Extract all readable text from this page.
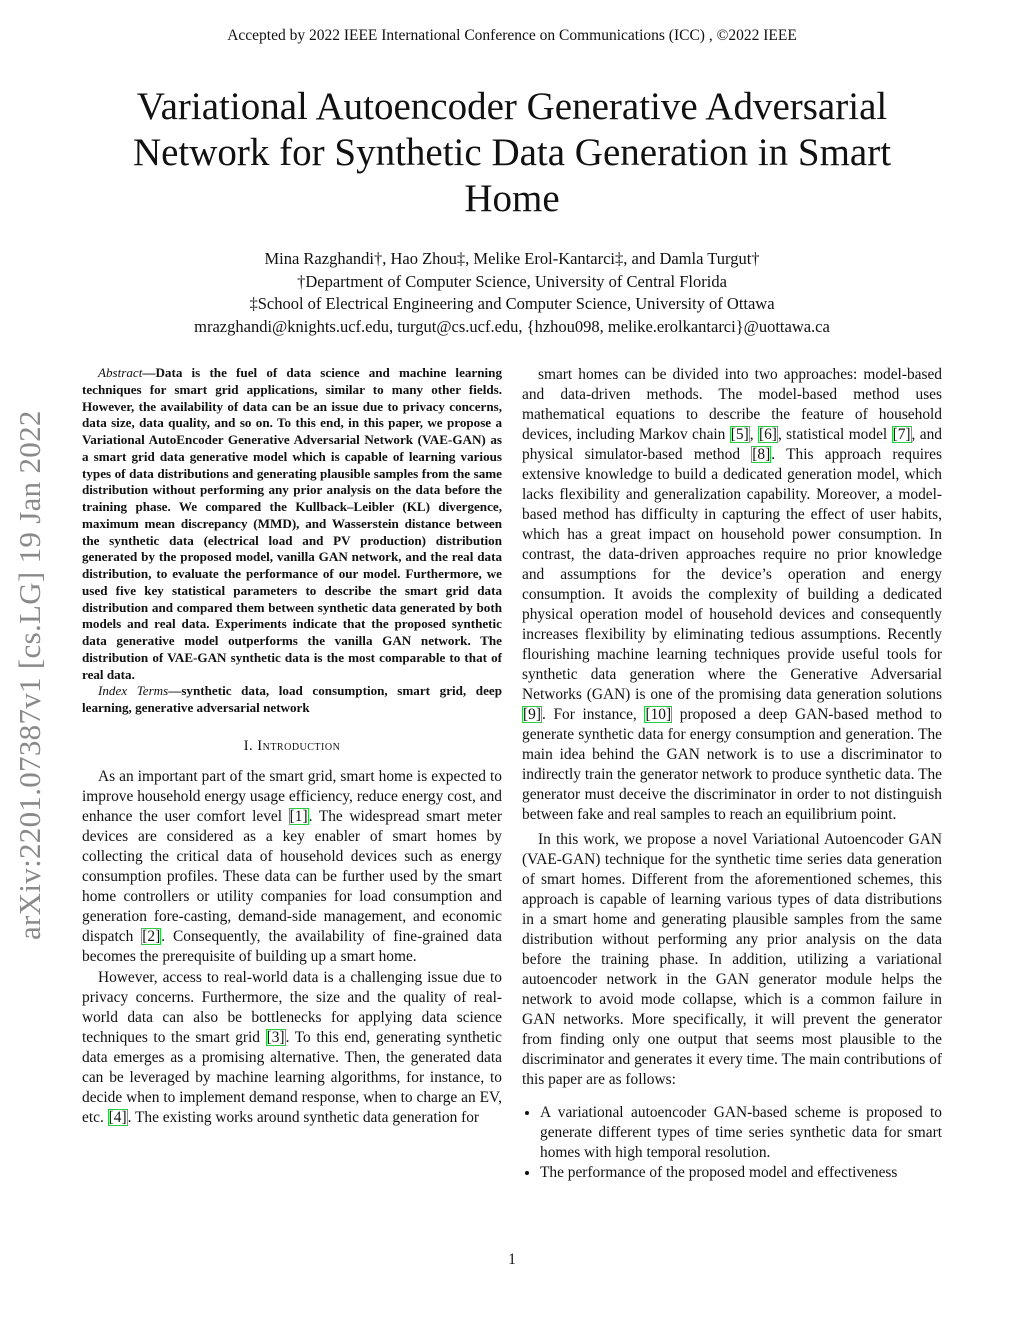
Accepted by 2022 IEEE International Conference on Communications (ICC) , ©2022 IEEE
Variational Autoencoder Generative Adversarial
Network for Synthetic Data Generation in Smart
Home
Mina Razghandi†, Hao Zhou‡, Melike Erol-Kantarci‡, and Damla Turgut†
†Department of Computer Science, University of Central Florida
‡School of Electrical Engineering and Computer Science, University of Ottawa
mrazghandi@knights.ucf.edu, turgut@cs.ucf.edu, {hzhou098, melike.erolkantarci}@uottawa.ca
arXiv:2201.07387v1 [cs.LG] 19 Jan 2022

Abstract—Data is the fuel of data science and machine learning techniques for smart grid applications, similar to many other fields. However, the availability of data can be an issue due to privacy concerns, data size, data quality, and so on. To this end, in this paper, we propose a Variational AutoEncoder Generative Adversarial Network (VAE-GAN) as a smart grid data generative model which is capable of learning various types of data distributions and generating plausible samples from the same distribution without performing any prior analysis on the data before the training phase. We compared the Kullback–Leibler (KL) divergence, maximum mean discrepancy (MMD), and Wasserstein distance between the synthetic data (electrical load and PV production) distribution generated by the proposed model, vanilla GAN network, and the real data distribution, to evaluate the performance of our model. Furthermore, we used five key statistical parameters to describe the smart grid data distribution and compared them between synthetic data generated by both models and real data. Experiments indicate that the proposed synthetic data generative model outperforms the vanilla GAN network. The distribution of VAE-GAN synthetic data is the most comparable to that of real data.

Index Terms—synthetic data, load consumption, smart grid, deep learning, generative adversarial network

I. Introduction

As an important part of the smart grid, smart home is expected to improve household energy usage efficiency, reduce energy cost, and enhance the user comfort level [1]. The widespread smart meter devices are considered as a key enabler of smart homes by collecting the critical data of household devices such as energy consumption profiles. These data can be further used by the smart home controllers or utility companies for load consumption and generation fore-casting, demand-side management, and economic dispatch [2]. Consequently, the availability of fine-grained data becomes the prerequisite of building up a smart home.

However, access to real-world data is a challenging issue due to privacy concerns. Furthermore, the size and the quality of real-world data can also be bottlenecks for applying data science techniques to the smart grid [3]. To this end, generating synthetic data emerges as a promising alternative. Then, the generated data can be leveraged by machine learning algorithms, for instance, to decide when to implement demand response, when to charge an EV, etc. [4]. The existing works around synthetic data generation for

smart homes can be divided into two approaches: model-based and data-driven methods. The model-based method uses mathematical equations to describe the feature of household devices, including Markov chain [5], [6], statistical model [7], and physical simulator-based method [8]. This approach requires extensive knowledge to build a dedicated generation model, which lacks flexibility and generalization capability. Moreover, a model-based method has difficulty in capturing the effect of user habits, which has a great impact on household power consumption. In contrast, the data-driven approaches require no prior knowledge and assumptions for the device’s operation and energy consumption. It avoids the complexity of building a dedicated physical operation model of household devices and consequently increases flexibility by eliminating tedious assumptions. Recently flourishing machine learning techniques provide useful tools for synthetic data generation where the Generative Adversarial Networks (GAN) is one of the promising data generation solutions [9]. For instance, [10] proposed a deep GAN-based method to generate synthetic data for energy consumption and generation. The main idea behind the GAN network is to use a discriminator to indirectly train the generator network to produce synthetic data. The generator must deceive the discriminator in order to not distinguish between fake and real samples to reach an equilibrium point.

In this work, we propose a novel Variational Autoencoder GAN (VAE-GAN) technique for the synthetic time series data generation of smart homes. Different from the aforementioned schemes, this approach is capable of learning various types of data distributions in a smart home and generating plausible samples from the same distribution without performing any prior analysis on the data before the training phase. In addition, utilizing a variational autoencoder network in the GAN generator module helps the network to avoid mode collapse, which is a common failure in GAN networks. More specifically, it will prevent the generator from finding only one output that seems most plausible to the discriminator and generates it every time. The main contributions of this paper are as follows:

• A variational autoencoder GAN-based scheme is proposed to generate different types of time series synthetic data for smart homes with high temporal resolution.
• The performance of the proposed model and effectiveness
1
